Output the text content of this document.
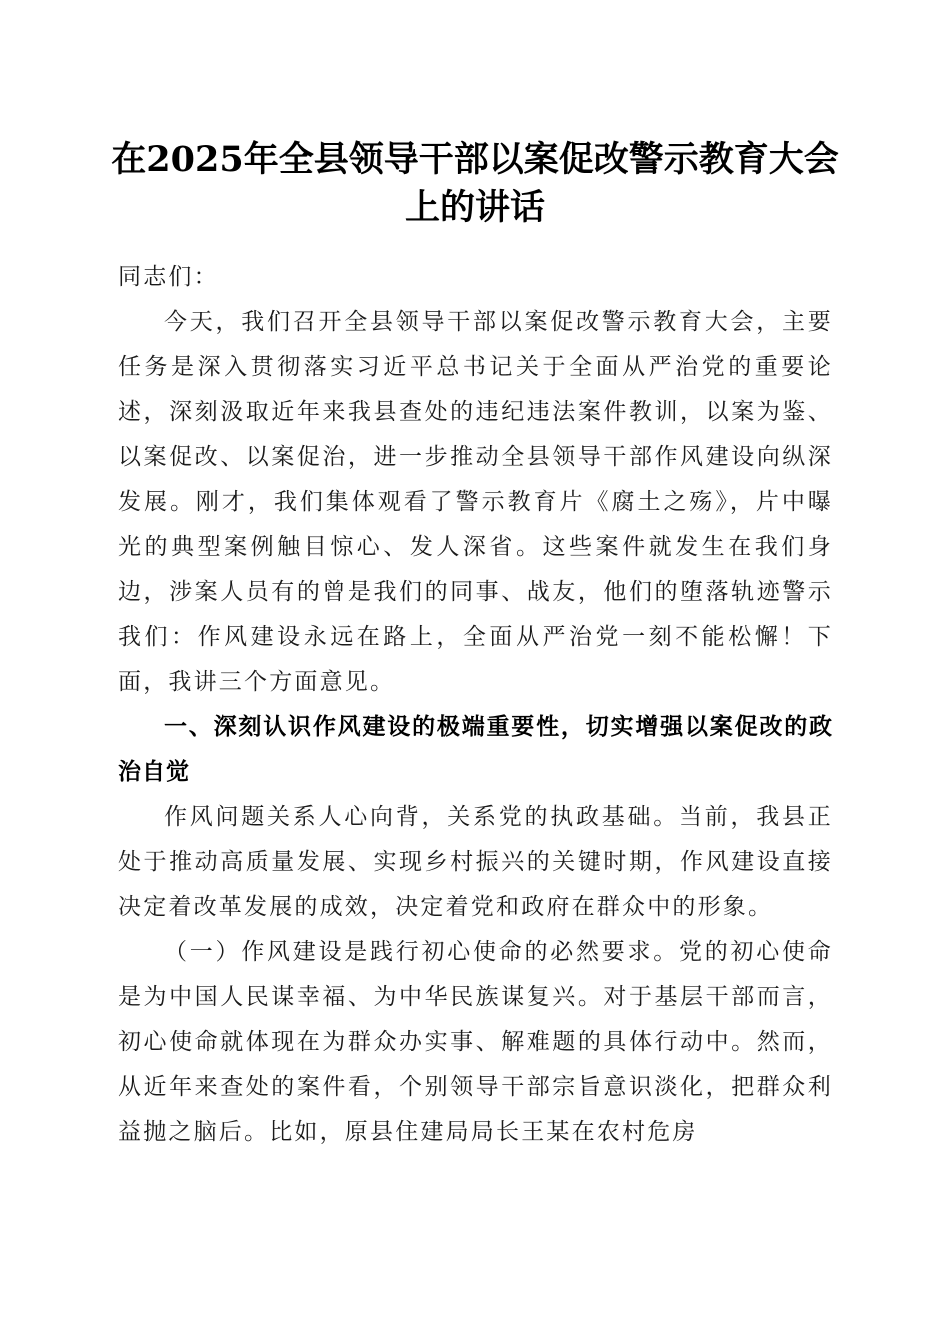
在2025年全县领导干部以案促改警示教育大会上的讲话

同志们：

今天，我们召开全县领导干部以案促改警示教育大会，主要任务是深入贯彻落实习近平总书记关于全面从严治党的重要论述，深刻汲取近年来我县查处的违纪违法案件教训，以案为鉴、以案促改、以案促治，进一步推动全县领导干部作风建设向纵深发展。刚才，我们集体观看了警示教育片《腐土之殇》，片中曝光的典型案例触目惊心、发人深省。这些案件就发生在我们身边，涉案人员有的曾是我们的同事、战友，他们的堕落轨迹警示我们：作风建设永远在路上，全面从严治党一刻不能松懈！下面，我讲三个方面意见。

一、深刻认识作风建设的极端重要性，切实增强以案促改的政治自觉

作风问题关系人心向背，关系党的执政基础。当前，我县正处于推动高质量发展、实现乡村振兴的关键时期，作风建设直接决定着改革发展的成效，决定着党和政府在群众中的形象。

（一）作风建设是践行初心使命的必然要求。党的初心使命是为中国人民谋幸福、为中华民族谋复兴。对于基层干部而言，初心使命就体现在为群众办实事、解难题的具体行动中。然而，从近年来查处的案件看，个别领导干部宗旨意识淡化，把群众利益抛之脑后。比如，原县住建局局长王某在农村危房
